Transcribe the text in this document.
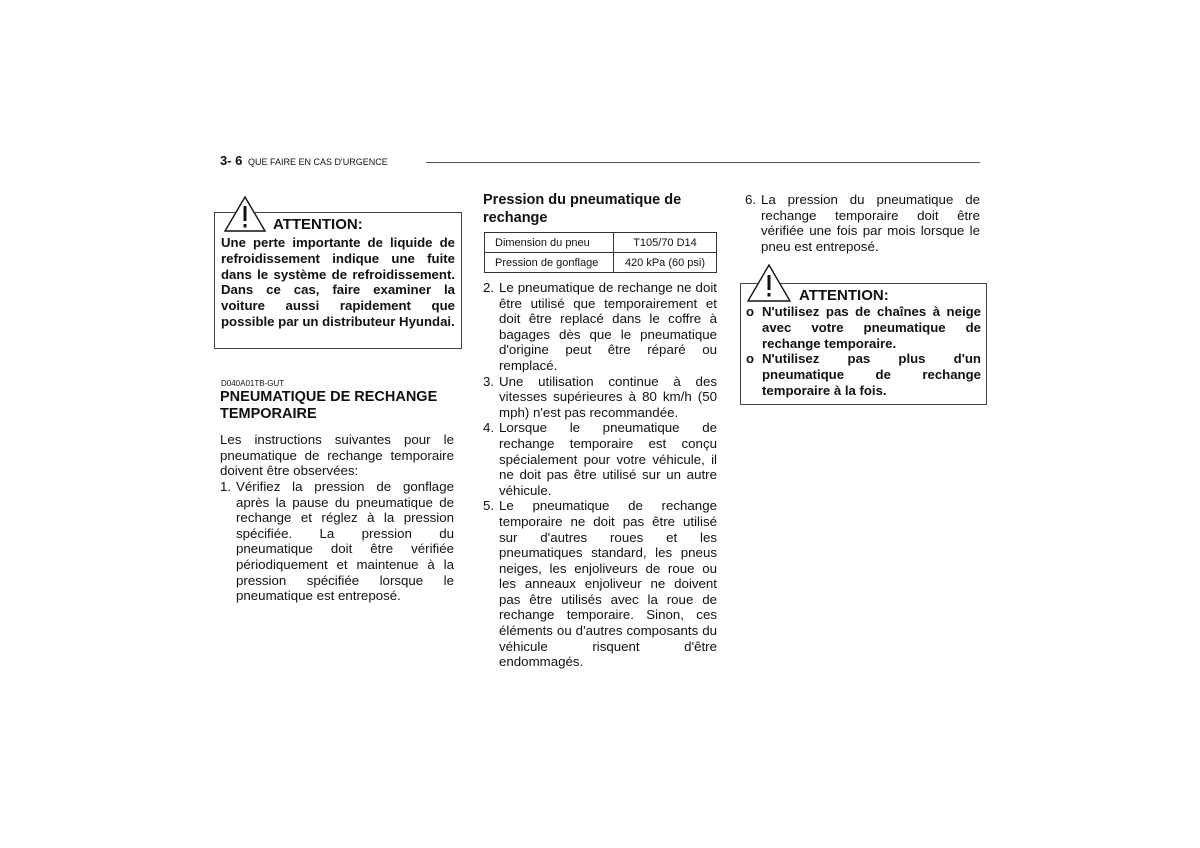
3- 6 QUE FAIRE EN CAS D'URGENCE
ATTENTION:
Une perte importante de liquide de refroidissement indique une fuite dans le système de refroidissement. Dans ce cas, faire examiner la voiture aussi rapidement que possible par un distributeur Hyundai.
D040A01TB-GUT
PNEUMATIQUE DE RECHANGE TEMPORAIRE
Les instructions suivantes pour le pneumatique de rechange temporaire doivent être observées:
1. Vérifiez la pression de gonflage après la pause du pneumatique de rechange et réglez à la pression spécifiée. La pression du pneumatique doit être vérifiée périodiquement et maintenue à la pression spécifiée lorsque le pneumatique est entreposé.
Pression du pneumatique de rechange
Dimension du pneu	T105/70 D14
Pression de gonflage	420 kPa (60 psi)
2. Le pneumatique de rechange ne doit être utilisé que temporairement et doit être replacé dans le coffre à bagages dès que le pneumatique d'origine peut être réparé ou remplacé.
3. Une utilisation continue à des vitesses supérieures à 80 km/h (50 mph) n'est pas recommandée.
4. Lorsque le pneumatique de rechange temporaire est conçu spécialement pour votre véhicule, il ne doit pas être utilisé sur un autre véhicule.
5. Le pneumatique de rechange temporaire ne doit pas être utilisé sur d'autres roues et les pneumatiques standard, les pneus neiges, les enjoliveurs de roue ou les anneaux enjoliveur ne doivent pas être utilisés avec la roue de rechange temporaire. Sinon, ces éléments ou d'autres composants du véhicule risquent d'être endommagés.
6. La pression du pneumatique de rechange temporaire doit être vérifiée une fois par mois lorsque le pneu est entreposé.
ATTENTION:
o N'utilisez pas de chaînes à neige avec votre pneumatique de rechange temporaire.
o N'utilisez pas plus d'un pneumatique de rechange temporaire à la fois.
